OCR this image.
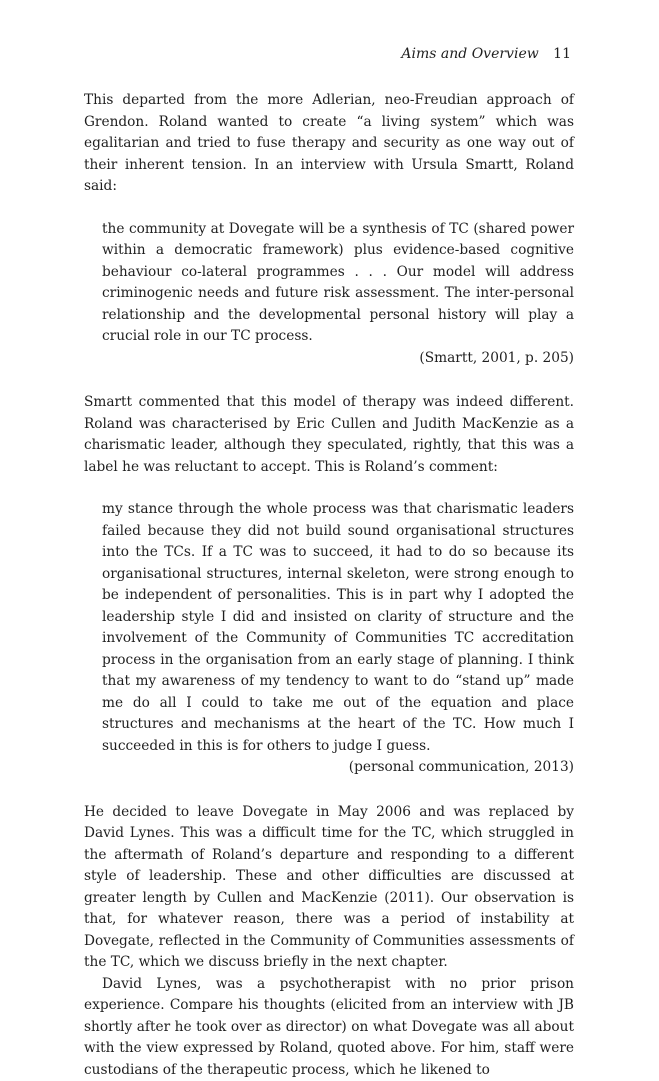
Aims and Overview 11

This departed from the more Adlerian, neo-Freudian approach of Grendon. Roland wanted to create “a living system” which was egalitarian and tried to fuse therapy and security as one way out of their inherent tension. In an interview with Ursula Smartt, Roland said:

the community at Dovegate will be a synthesis of TC (shared power within a democratic framework) plus evidence-based cognitive behaviour co-lateral programmes . . . Our model will address criminogenic needs and future risk assessment. The inter-personal relationship and the developmental personal history will play a crucial role in our TC process.

(Smartt, 2001, p. 205)

Smartt commented that this model of therapy was indeed different. Roland was characterised by Eric Cullen and Judith MacKenzie as a charismatic leader, although they speculated, rightly, that this was a label he was reluctant to accept. This is Roland’s comment:

my stance through the whole process was that charismatic leaders failed because they did not build sound organisational structures into the TCs. If a TC was to succeed, it had to do so because its organisational structures, internal skeleton, were strong enough to be independent of personalities. This is in part why I adopted the leadership style I did and insisted on clarity of structure and the involvement of the Community of Communities TC accreditation process in the organisation from an early stage of planning. I think that my awareness of my tendency to want to do “stand up” made me do all I could to take me out of the equation and place structures and mechanisms at the heart of the TC. How much I succeeded in this is for others to judge I guess.

(personal communication, 2013)

He decided to leave Dovegate in May 2006 and was replaced by David Lynes. This was a difficult time for the TC, which struggled in the aftermath of Roland’s departure and responding to a different style of leadership. These and other difficulties are discussed at greater length by Cullen and MacKenzie (2011). Our observation is that, for whatever reason, there was a period of instability at Dovegate, reflected in the Community of Communities assessments of the TC, which we discuss briefly in the next chapter.

David Lynes, was a psychotherapist with no prior prison experience. Compare his thoughts (elicited from an interview with JB shortly after he took over as director) on what Dovegate was all about with the view expressed by Roland, quoted above. For him, staff were custodians of the therapeutic process, which he likened to
